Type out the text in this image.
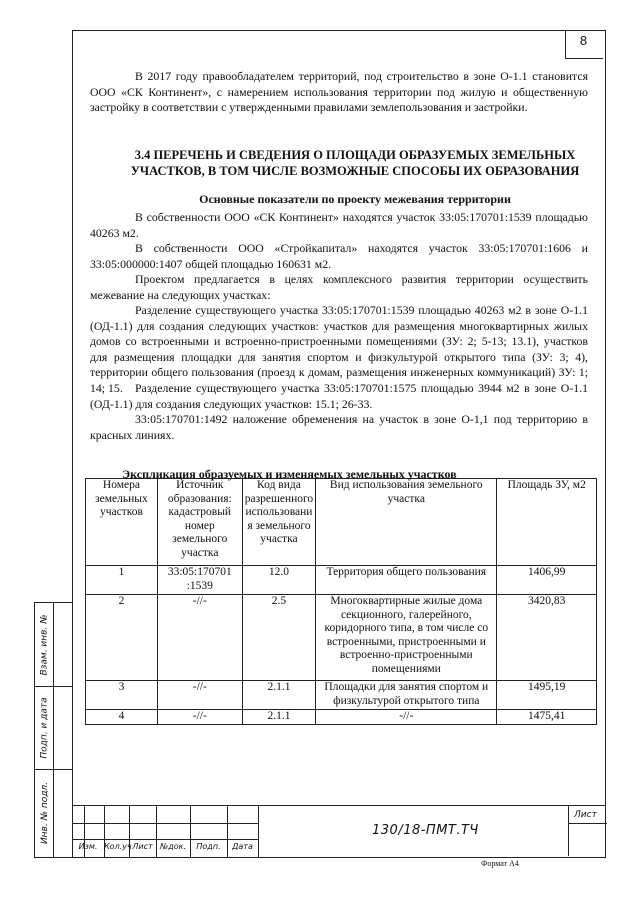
8
В 2017 году правообладателем территорий, под строительство в зоне О-1.1 становится ООО «СК Континент», с намерением использования территории под жилую и общественную застройку в соответствии с утвержденными правилами землепользования и застройки.
3.4 ПЕРЕЧЕНЬ И СВЕДЕНИЯ О ПЛОЩАДИ ОБРАЗУЕМЫХ ЗЕМЕЛЬНЫХ УЧАСТКОВ, В ТОМ ЧИСЛЕ ВОЗМОЖНЫЕ СПОСОБЫ ИХ ОБРАЗОВАНИЯ
Основные показатели по проекту межевания территории
В собственности ООО «СК Континент» находятся участок 33:05:170701:1539 площадью 40263 м2.
В собственности ООО «Стройкапитал» находятся участок 33:05:170701:1606 и 33:05:000000:1407 общей площадью 160631 м2.
Проектом предлагается в целях комплексного развития территории осуществить межевание на следующих участках:
Разделение существующего участка 33:05:170701:1539 площадью 40263 м2 в зоне О-1.1 (ОД-1.1) для создания следующих участков: участков для размещения многоквартирных жилых домов со встроенными и встроенно-пристроенными помещениями (ЗУ: 2; 5-13; 13.1), участков для размещения площадки для занятия спортом и физкультурой открытого типа (ЗУ: 3; 4), территории общего пользования (проезд к домам, размещения инженерных коммуникаций) ЗУ: 1; 14; 15.	Разделение существующего участка 33:05:170701:1575 площадью 3944 м2 в зоне О-1.1 (ОД-1.1) для создания следующих участков: 15.1; 26-33.
33:05:170701:1492 наложение обременения на участок в зоне О-1,1 под территорию в красных линиях.
Экспликация образуемых и изменяемых земельных участков
Номера земельных участков	Источник образования: кадастровый номер земельного участка	Код вида разрешенного использовани я земельного участка	Вид использования земельного участка	Площадь ЗУ, м2
1	33:05:170701 :1539	12.0	Территория общего пользования	1406,99
2	-//-	2.5	Многоквартирные жилые дома секционного, галерейного, коридорного типа, в том числе со встроенными, пристроенными и встроенно-пристроенными помещениями	3420,83
3	-//-	2.1.1	Площадки для занятия спортом и физкультурой открытого типа	1495,19
4	-//-	2.1.1	-//-	1475,41
Взам. инв. №
Подп. и дата
Инв. № подл.
Изм. Кол.уч Лист №док.	Подп.	Дата
130/18-ПМТ.ТЧ
Лист
Формат А4
